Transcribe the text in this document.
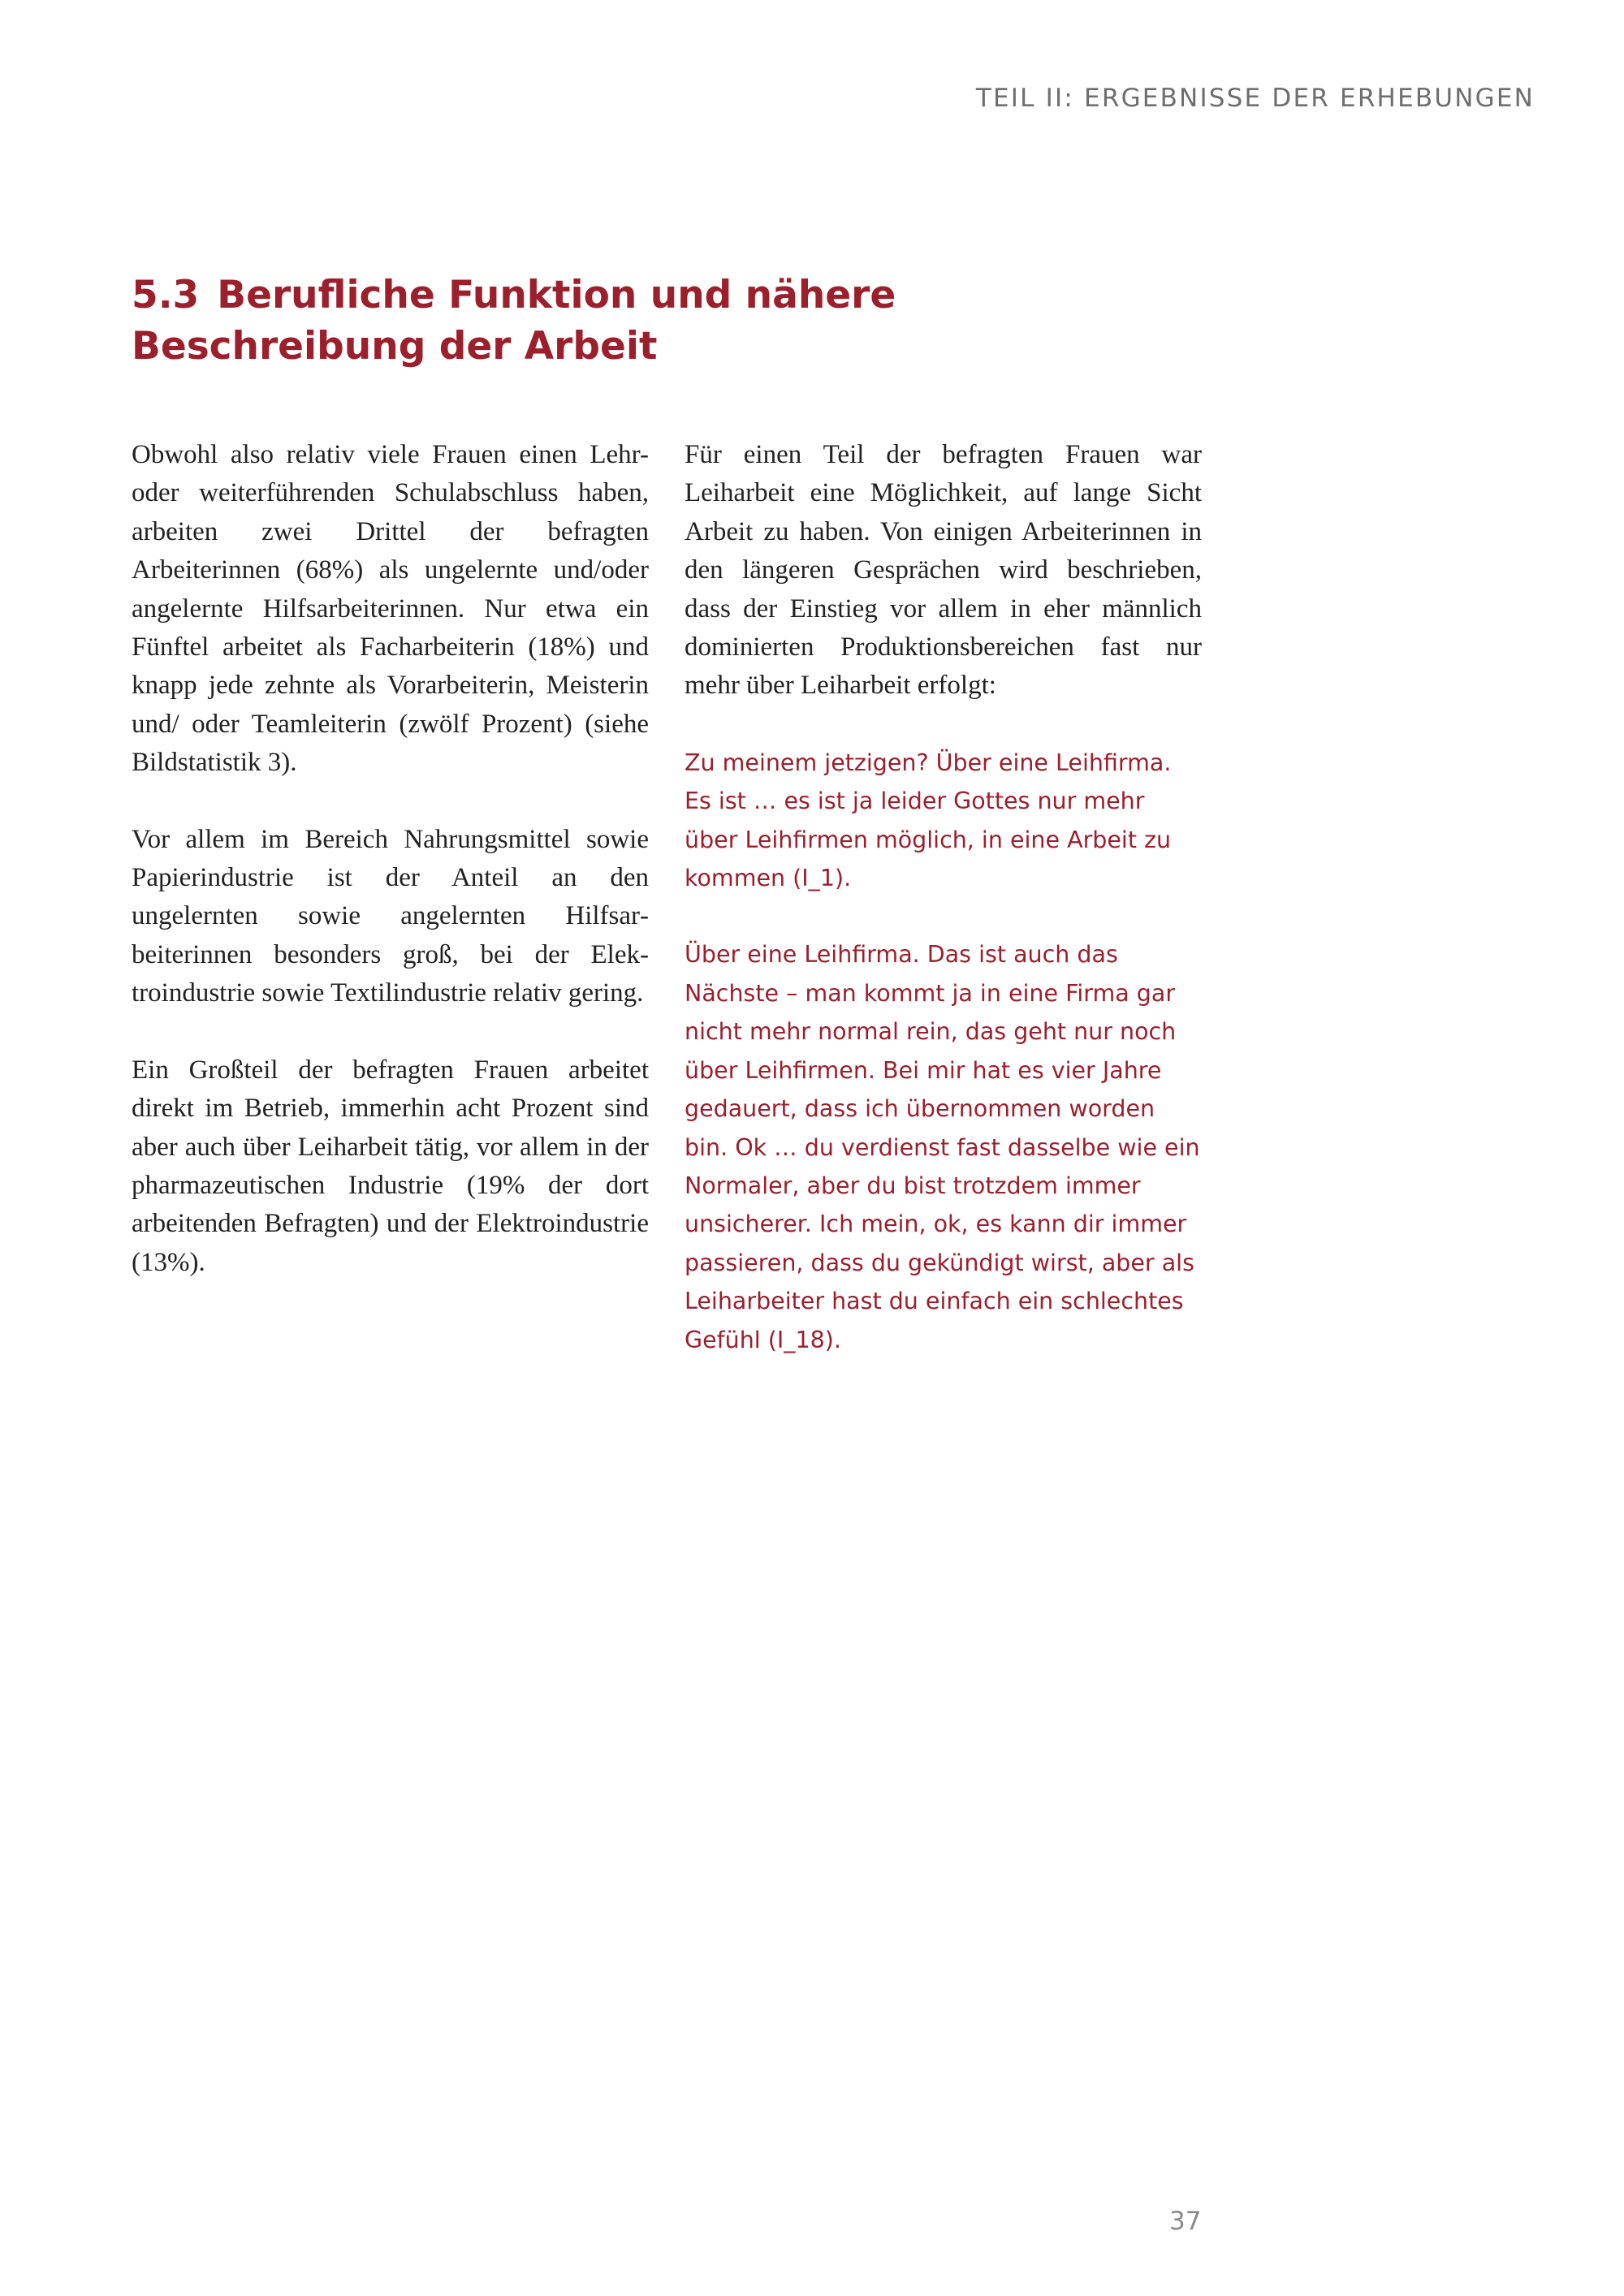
TEIL II: ERGEBNISSE DER ERHEBUNGEN
5.3 Berufliche Funktion und nähere
Beschreibung der Arbeit

Obwohl also relativ viele Frauen einen Lehr- oder weiterführenden Schulabschluss haben, arbeiten zwei Drittel der befragten Arbeiterinnen (68%) als ungelernte und/oder angelernte Hilfsarbeiterinnen. Nur etwa ein Fünftel arbeitet als Facharbeiterin (18%) und knapp jede zehnte als Vorarbeiterin, Meisterin und/ oder Teamleiterin (zwölf Prozent) (siehe Bildstatistik 3).

Vor allem im Bereich Nahrungsmittel sowie Papierindustrie ist der Anteil an den ungelernten sowie angelernten Hilfsarbeiterinnen besonders groß, bei der Elektroindustrie sowie Textilindustrie relativ gering.

Ein Großteil der befragten Frauen arbeitet direkt im Betrieb, immerhin acht Prozent sind aber auch über Leiharbeit tätig, vor allem in der pharmazeutischen Industrie (19% der dort arbeitenden Befragten) und der Elektroindustrie (13%).

Für einen Teil der befragten Frauen war Leiharbeit eine Möglichkeit, auf lange Sicht Arbeit zu haben. Von einigen Arbeiterinnen in den längeren Gesprächen wird beschrieben, dass der Einstieg vor allem in eher männlich dominierten Produktionsbereichen fast nur mehr über Leiharbeit erfolgt:

Zu meinem jetzigen? Über eine Leihfirma. Es ist … es ist ja leider Gottes nur mehr über Leihfirmen möglich, in eine Arbeit zu kommen (I_1).

Über eine Leihfirma. Das ist auch das Nächste – man kommt ja in eine Firma gar nicht mehr normal rein, das geht nur noch über Leihfirmen. Bei mir hat es vier Jahre gedauert, dass ich übernommen worden bin. Ok … du verdienst fast dasselbe wie ein Normaler, aber du bist trotzdem immer unsicherer. Ich mein, ok, es kann dir immer passieren, dass du gekündigt wirst, aber als Leiharbeiter hast du einfach ein schlechtes Gefühl (I_18).

37
